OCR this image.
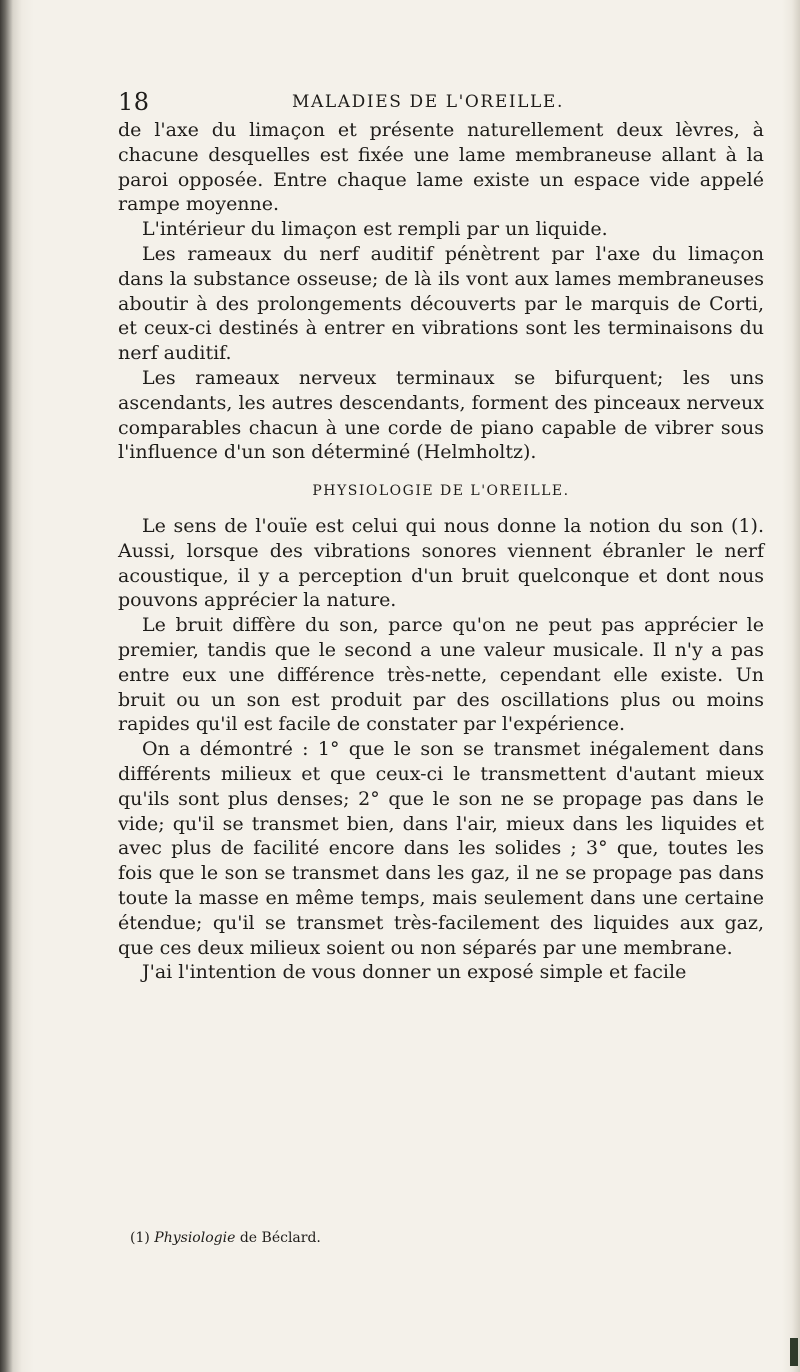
18	MALADIES DE L'OREILLE.

de l'axe du limaçon et présente naturellement deux lèvres, à chacune desquelles est fixée une lame membraneuse allant à la paroi opposée. Entre chaque lame existe un espace vide appelé rampe moyenne.

L'intérieur du limaçon est rempli par un liquide.

Les rameaux du nerf auditif pénètrent par l'axe du limaçon dans la substance osseuse; de là ils vont aux lames membraneuses aboutir à des prolongements découverts par le marquis de Corti, et ceux-ci destinés à entrer en vibrations sont les terminaisons du nerf auditif.

Les rameaux nerveux terminaux se bifurquent; les uns ascendants, les autres descendants, forment des pinceaux nerveux comparables chacun à une corde de piano capable de vibrer sous l'influence d'un son déterminé (Helmholtz).

PHYSIOLOGIE DE L'OREILLE.

Le sens de l'ouïe est celui qui nous donne la notion du son (1). Aussi, lorsque des vibrations sonores viennent ébranler le nerf acoustique, il y a perception d'un bruit quelconque et dont nous pouvons apprécier la nature.

Le bruit diffère du son, parce qu'on ne peut pas apprécier le premier, tandis que le second a une valeur musicale. Il n'y a pas entre eux une différence très-nette, cependant elle existe. Un bruit ou un son est produit par des oscillations plus ou moins rapides qu'il est facile de constater par l'expérience.

On a démontré : 1° que le son se transmet inégalement dans différents milieux et que ceux-ci le transmettent d'autant mieux qu'ils sont plus denses; 2° que le son ne se propage pas dans le vide; qu'il se transmet bien, dans l'air, mieux dans les liquides et avec plus de facilité encore dans les solides ; 3° que, toutes les fois que le son se transmet dans les gaz, il ne se propage pas dans toute la masse en même temps, mais seulement dans une certaine étendue; qu'il se transmet très-facilement des liquides aux gaz, que ces deux milieux soient ou non séparés par une membrane.

J'ai l'intention de vous donner un exposé simple et facile

(1) Physiologie de Béclard.
